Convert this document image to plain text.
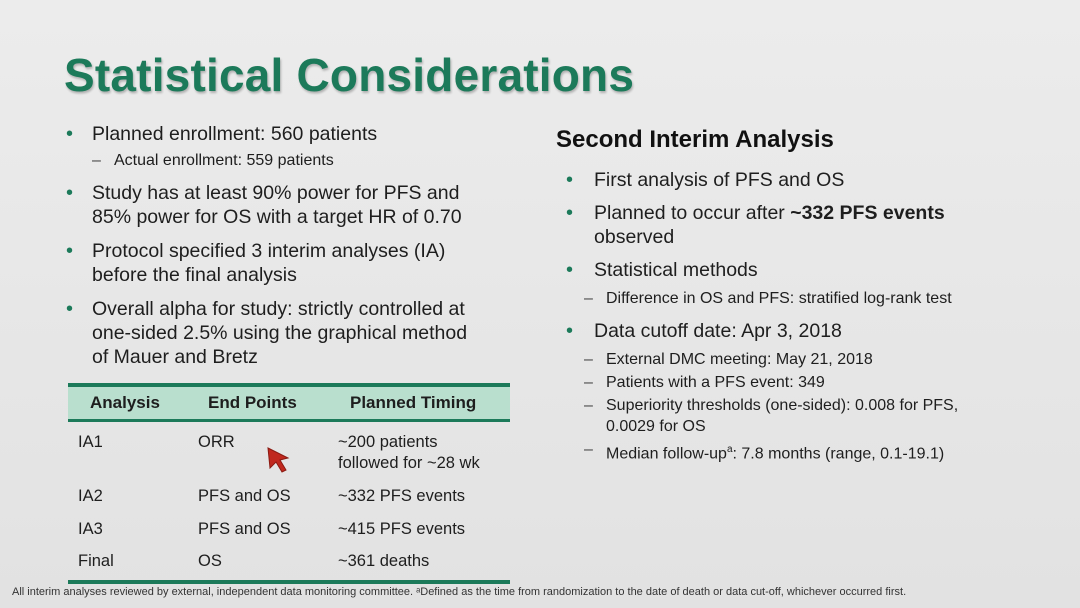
Statistical Considerations
• Planned enrollment: 560 patients
– Actual enrollment: 559 patients
• Study has at least 90% power for PFS and
85% power for OS with a target HR of 0.70
• Protocol specified 3 interim analyses (IA)
before the final analysis
• Overall alpha for study: strictly controlled at
one-sided 2.5% using the graphical method
of Mauer and Bretz
Analysis	End Points	Planned Timing
IA1	ORR	~200 patients
followed for ~28 wk
IA2	PFS and OS	~332 PFS events
IA3	PFS and OS	~415 PFS events
Final	OS	~361 deaths
Second Interim Analysis
• First analysis of PFS and OS
• Planned to occur after ~332 PFS events
observed
• Statistical methods
– Difference in OS and PFS: stratified log-rank test
• Data cutoff date: Apr 3, 2018
– External DMC meeting: May 21, 2018
– Patients with a PFS event: 349
– Superiority thresholds (one-sided): 0.008 for PFS,
0.0029 for OS
– Median follow-$up^a$: 7.8 months (range, 0.1-19.1)
All interim analyses reviewed by external, independent data monitoring committee. ᵃDefined as the time from randomization to the date of death or data cut-off, whichever occurred first.
